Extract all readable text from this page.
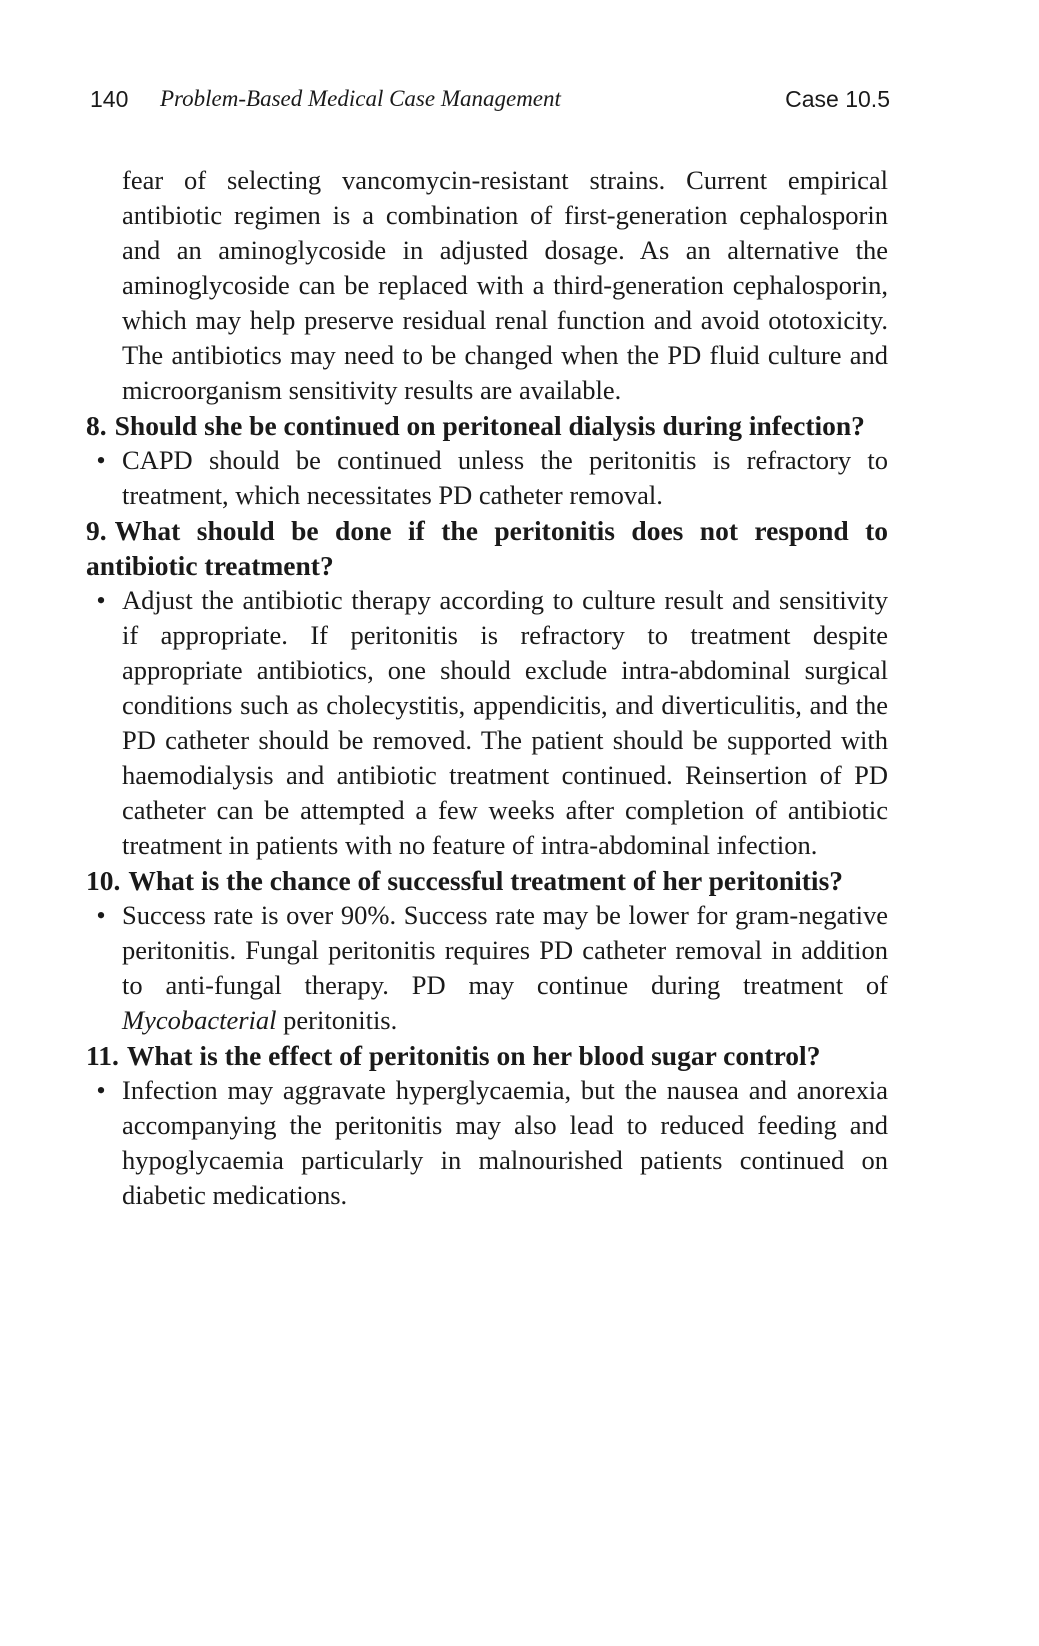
140 Problem-Based Medical Case Management	Case 10.5

fear of selecting vancomycin-resistant strains. Current empirical antibiotic regimen is a combination of first-generation cephalosporin and an aminoglycoside in adjusted dosage. As an alternative the aminoglycoside can be replaced with a third-generation cephalosporin, which may help preserve residual renal function and avoid ototoxicity. The antibiotics may need to be changed when the PD fluid culture and microorganism sensitivity results are available.

8. Should she be continued on peritoneal dialysis during infection?

• CAPD should be continued unless the peritonitis is refractory to treatment, which necessitates PD catheter removal.

9. What should be done if the peritonitis does not respond to antibiotic treatment?

• Adjust the antibiotic therapy according to culture result and sensitivity if appropriate. If peritonitis is refractory to treatment despite appropriate antibiotics, one should exclude intra-abdominal surgical conditions such as cholecystitis, appendicitis, and diverticulitis, and the PD catheter should be removed. The patient should be supported with haemodialysis and antibiotic treatment continued. Reinsertion of PD catheter can be attempted a few weeks after completion of antibiotic treatment in patients with no feature of intra-abdominal infection.

10. What is the chance of successful treatment of her peritonitis?

• Success rate is over 90%. Success rate may be lower for gram-negative peritonitis. Fungal peritonitis requires PD catheter removal in addition to anti-fungal therapy. PD may continue during treatment of Mycobacterial peritonitis.

11. What is the effect of peritonitis on her blood sugar control?

• Infection may aggravate hyperglycaemia, but the nausea and anorexia accompanying the peritonitis may also lead to reduced feeding and hypoglycaemia particularly in malnourished patients continued on diabetic medications.
